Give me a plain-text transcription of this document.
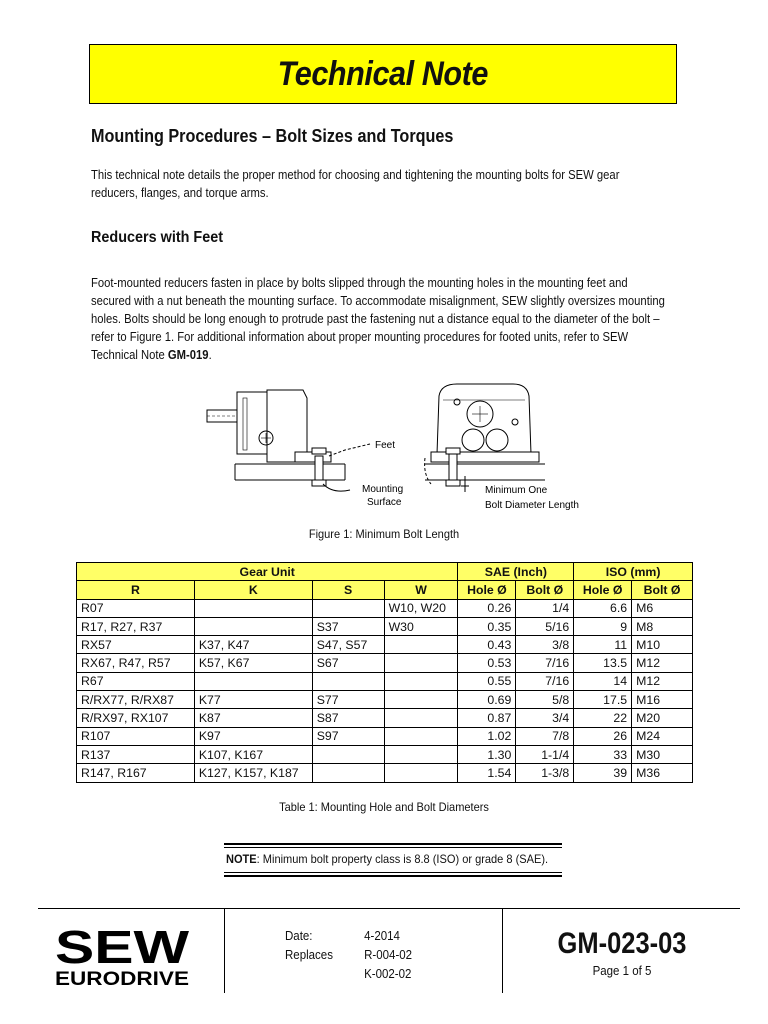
Technical Note
Mounting Procedures – Bolt Sizes and Torques
This technical note details the proper method for choosing and tightening the mounting bolts for SEW gear reducers, flanges, and torque arms.
Reducers with Feet
Foot-mounted reducers fasten in place by bolts slipped through the mounting holes in the mounting feet and secured with a nut beneath the mounting surface. To accommodate misalignment, SEW slightly oversizes mounting holes. Bolts should be long enough to protrude past the fastening nut a distance equal to the diameter of the bolt – refer to Figure 1. For additional information about proper mounting procedures for footed units, refer to SEW Technical Note GM-019.
Feet
Mounting
Surface
Minimum One
Bolt Diameter Length
Figure 1: Minimum Bolt Length
Gear Unit				SAE (Inch)		ISO (mm)	
R	K	S	W	Hole Ø	Bolt Ø	Hole Ø	Bolt Ø
R07			W10, W20	0.26	1/4	6.6	M6
R17, R27, R37		S37	W30	0.35	5/16	9	M8
RX57	K37, K47	S47, S57		0.43	3/8	11	M10
RX67, R47, R57	K57, K67	S67		0.53	7/16	13.5	M12
R67				0.55	7/16	14	M12
R/RX77, R/RX87	K77	S77		0.69	5/8	17.5	M16
R/RX97, RX107	K87	S87		0.87	3/4	22	M20
R107	K97	S97		1.02	7/8	26	M24
R137	K107, K167			1.30	1-1/4	33	M30
R147, R167	K127, K157, K187			1.54	1-3/8	39	M36
Table 1: Mounting Hole and Bolt Diameters
NOTE: Minimum bolt property class is 8.8 (ISO) or grade 8 (SAE).
SEW
EURODRIVE
Date:	4-2014
Replaces	R-004-02
K-002-02
GM-023-03
Page 1 of 5
